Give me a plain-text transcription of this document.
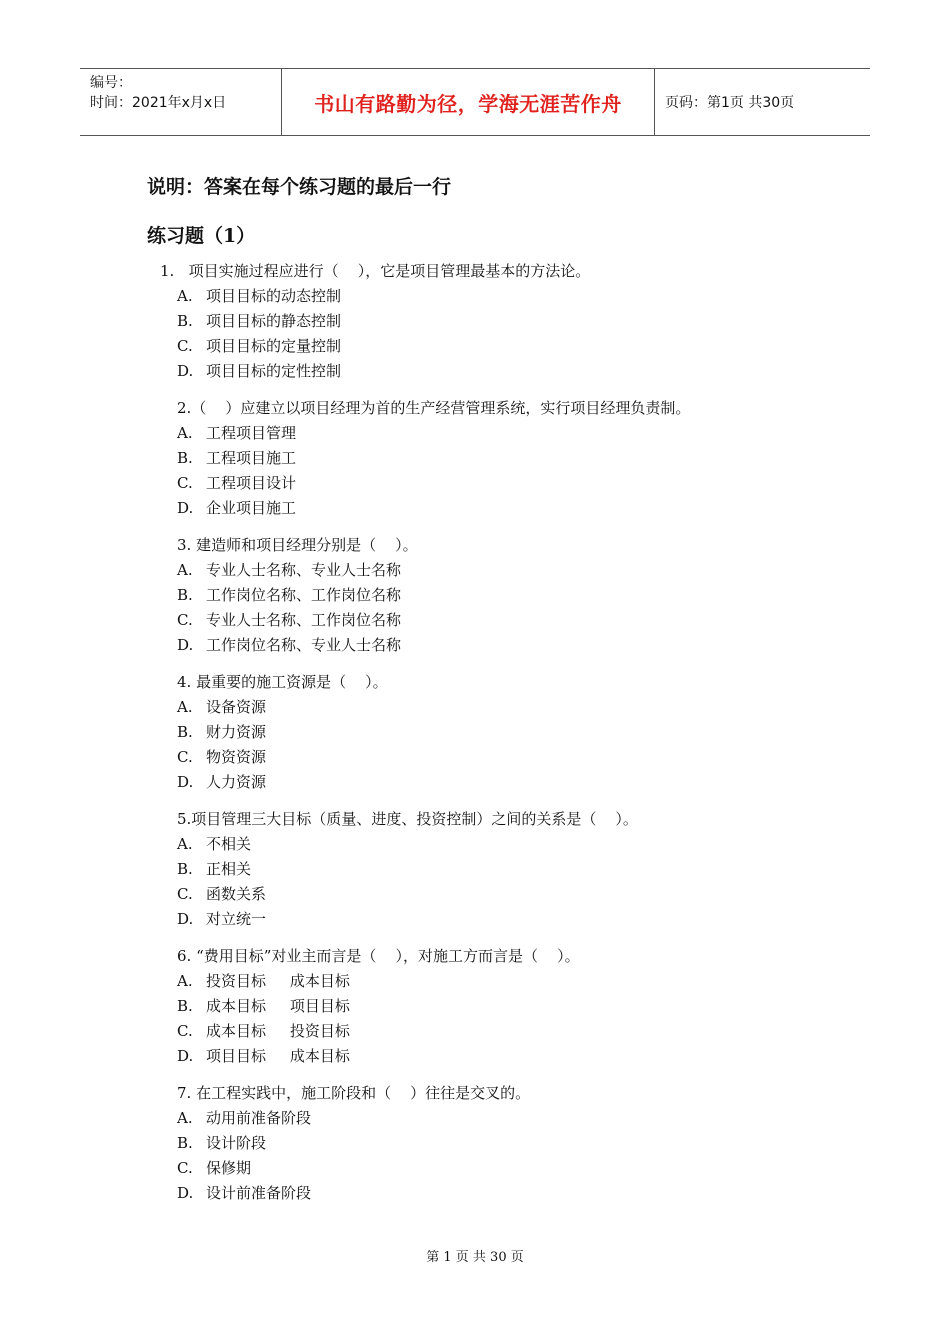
编号：
时间：2021年x月x日	书山有路勤为径，学海无涯苦作舟	页码：第1页 共30页
说明：答案在每个练习题的最后一行
练习题（1）
1.   项目实施过程应进行（    ），它是项目管理最基本的方法论。
A. 项目目标的动态控制
B. 项目目标的静态控制
C. 项目目标的定量控制
D. 项目目标的定性控制
2.（    ）应建立以项目经理为首的生产经营管理系统，实行项目经理负责制。
A. 工程项目管理
B. 工程项目施工
C. 工程项目设计
D. 企业项目施工
3. 建造师和项目经理分别是（    ）。
A. 专业人士名称、专业人士名称
B. 工作岗位名称、工作岗位名称
C. 专业人士名称、工作岗位名称
D. 工作岗位名称、专业人士名称
4. 最重要的施工资源是（    ）。
A. 设备资源
B. 财力资源
C. 物资资源
D. 人力资源
5.项目管理三大目标（质量、进度、投资控制）之间的关系是（    ）。
A. 不相关
B. 正相关
C. 函数关系
D. 对立统一
6. “费用目标”对业主而言是（    ），对施工方而言是（    ）。
A. 投资目标     成本目标
B. 成本目标     项目目标
C. 成本目标     投资目标
D. 项目目标     成本目标
7. 在工程实践中，施工阶段和（    ）往往是交叉的。
A. 动用前准备阶段
B. 设计阶段
C. 保修期
D. 设计前准备阶段
第 1 页 共 30 页
